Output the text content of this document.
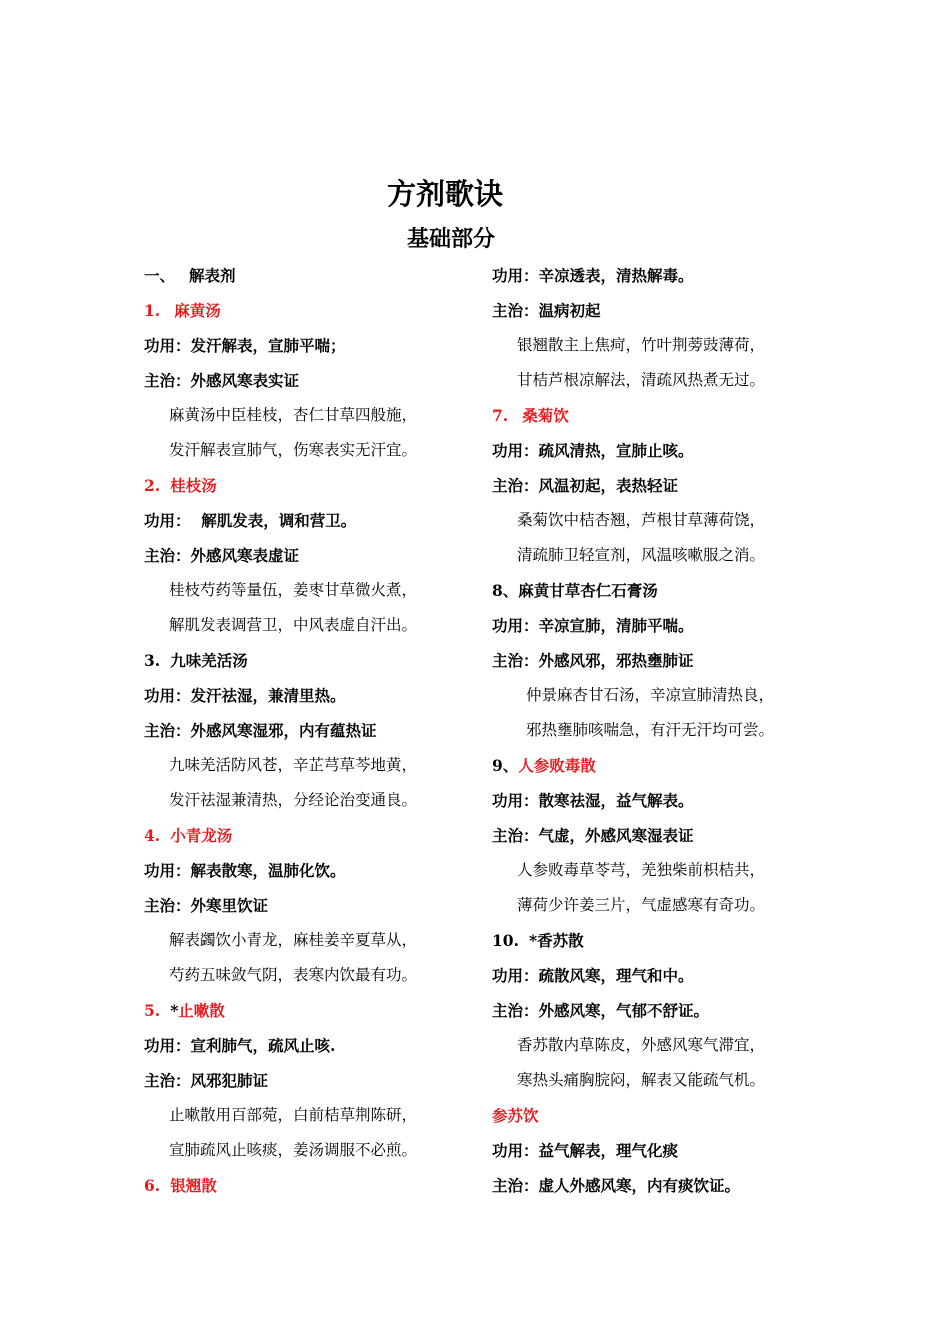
方剂歌诀
基础部分
一、 解表剂
1. 麻黄汤
功用：发汗解表，宣肺平喘；
主治：外感风寒表实证
麻黄汤中臣桂枝，杏仁甘草四般施，
发汗解表宣肺气，伤寒表实无汗宜。
2. 桂枝汤
功用：  解肌发表，调和营卫。
主治：外感风寒表虚证
桂枝芍药等量伍，姜枣甘草微火煮，
解肌发表调营卫，中风表虚自汗出。
3. 九味羌活汤
功用：发汗祛湿，兼清里热。
主治：外感风寒湿邪，内有蕴热证
九味羌活防风苍，辛芷芎草芩地黄，
发汗祛湿兼清热，分经论治变通良。
4. 小青龙汤
功用：解表散寒，温肺化饮。
主治：外寒里饮证
解表蠲饮小青龙，麻桂姜辛夏草从，
芍药五味敛气阴，表寒内饮最有功。
5. *止嗽散
功用：宣利肺气，疏风止咳.
主治：风邪犯肺证
止嗽散用百部菀，白前桔草荆陈研，
宣肺疏风止咳痰，姜汤调服不必煎。
6. 银翘散
功用：辛凉透表，清热解毒。
主治：温病初起
银翘散主上焦疴，竹叶荆蒡豉薄荷，
甘桔芦根凉解法，清疏风热煮无过。
7. 桑菊饮
功用：疏风清热，宣肺止咳。
主治：风温初起，表热轻证
桑菊饮中桔杏翘，芦根甘草薄荷饶，
清疏肺卫轻宣剂，风温咳嗽服之消。
8、麻黄甘草杏仁石膏汤
功用：辛凉宣肺，清肺平喘。
主治：外感风邪，邪热壅肺证
仲景麻杏甘石汤，辛凉宣肺清热良，
邪热壅肺咳喘急，有汗无汗均可尝。
9、人参败毒散
功用：散寒祛湿，益气解表。
主治：气虚，外感风寒湿表证
人参败毒草苓芎，羌独柴前枳桔共，
薄荷少许姜三片，气虚感寒有奇功。
10. *香苏散
功用：疏散风寒，理气和中。
主治：外感风寒，气郁不舒证。
香苏散内草陈皮，外感风寒气滞宜，
寒热头痛胸脘闷，解表又能疏气机。
参苏饮
功用：益气解表，理气化痰
主治：虚人外感风寒，内有痰饮证。
